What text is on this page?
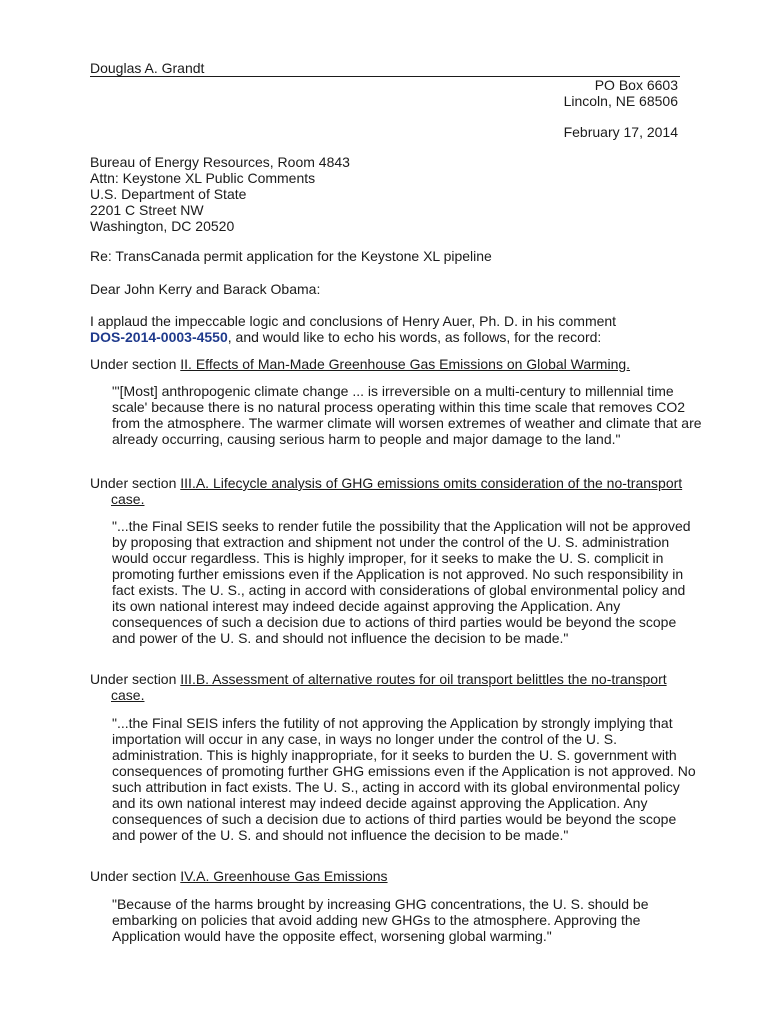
Douglas A. Grandt
PO Box 6603
Lincoln, NE 68506
February 17, 2014
Bureau of Energy Resources, Room 4843
Attn: Keystone XL Public Comments
U.S. Department of State
2201 C Street NW
Washington, DC 20520
Re: TransCanada permit application for the Keystone XL pipeline
Dear John Kerry and Barack Obama:
I applaud the impeccable logic and conclusions of Henry Auer, Ph. D. in his comment
DOS-2014-0003-4550, and would like to echo his words, as follows, for the record:
Under section II. Effects of Man-Made Greenhouse Gas Emissions on Global Warming.
"'[Most] anthropogenic climate change ... is irreversible on a multi-century to millennial time scale' because there is no natural process operating within this time scale that removes CO2 from the atmosphere. The warmer climate will worsen extremes of weather and climate that are already occurring, causing serious harm to people and major damage to the land."
Under section III.A. Lifecycle analysis of GHG emissions omits consideration of the no-transport case.
"...the Final SEIS seeks to render futile the possibility that the Application will not be approved by proposing that extraction and shipment not under the control of the U. S. administration would occur regardless. This is highly improper, for it seeks to make the U. S. complicit in promoting further emissions even if the Application is not approved. No such responsibility in fact exists. The U. S., acting in accord with considerations of global environmental policy and its own national interest may indeed decide against approving the Application. Any consequences of such a decision due to actions of third parties would be beyond the scope and power of the U. S. and should not influence the decision to be made."
Under section III.B. Assessment of alternative routes for oil transport belittles the no-transport case.
"...the Final SEIS infers the futility of not approving the Application by strongly implying that importation will occur in any case, in ways no longer under the control of the U. S. administration. This is highly inappropriate, for it seeks to burden the U. S. government with consequences of promoting further GHG emissions even if the Application is not approved. No such attribution in fact exists. The U. S., acting in accord with its global environmental policy and its own national interest may indeed decide against approving the Application. Any consequences of such a decision due to actions of third parties would be beyond the scope and power of the U. S. and should not influence the decision to be made."
Under section IV.A. Greenhouse Gas Emissions
"Because of the harms brought by increasing GHG concentrations, the U. S. should be embarking on policies that avoid adding new GHGs to the atmosphere. Approving the Application would have the opposite effect, worsening global warming."
